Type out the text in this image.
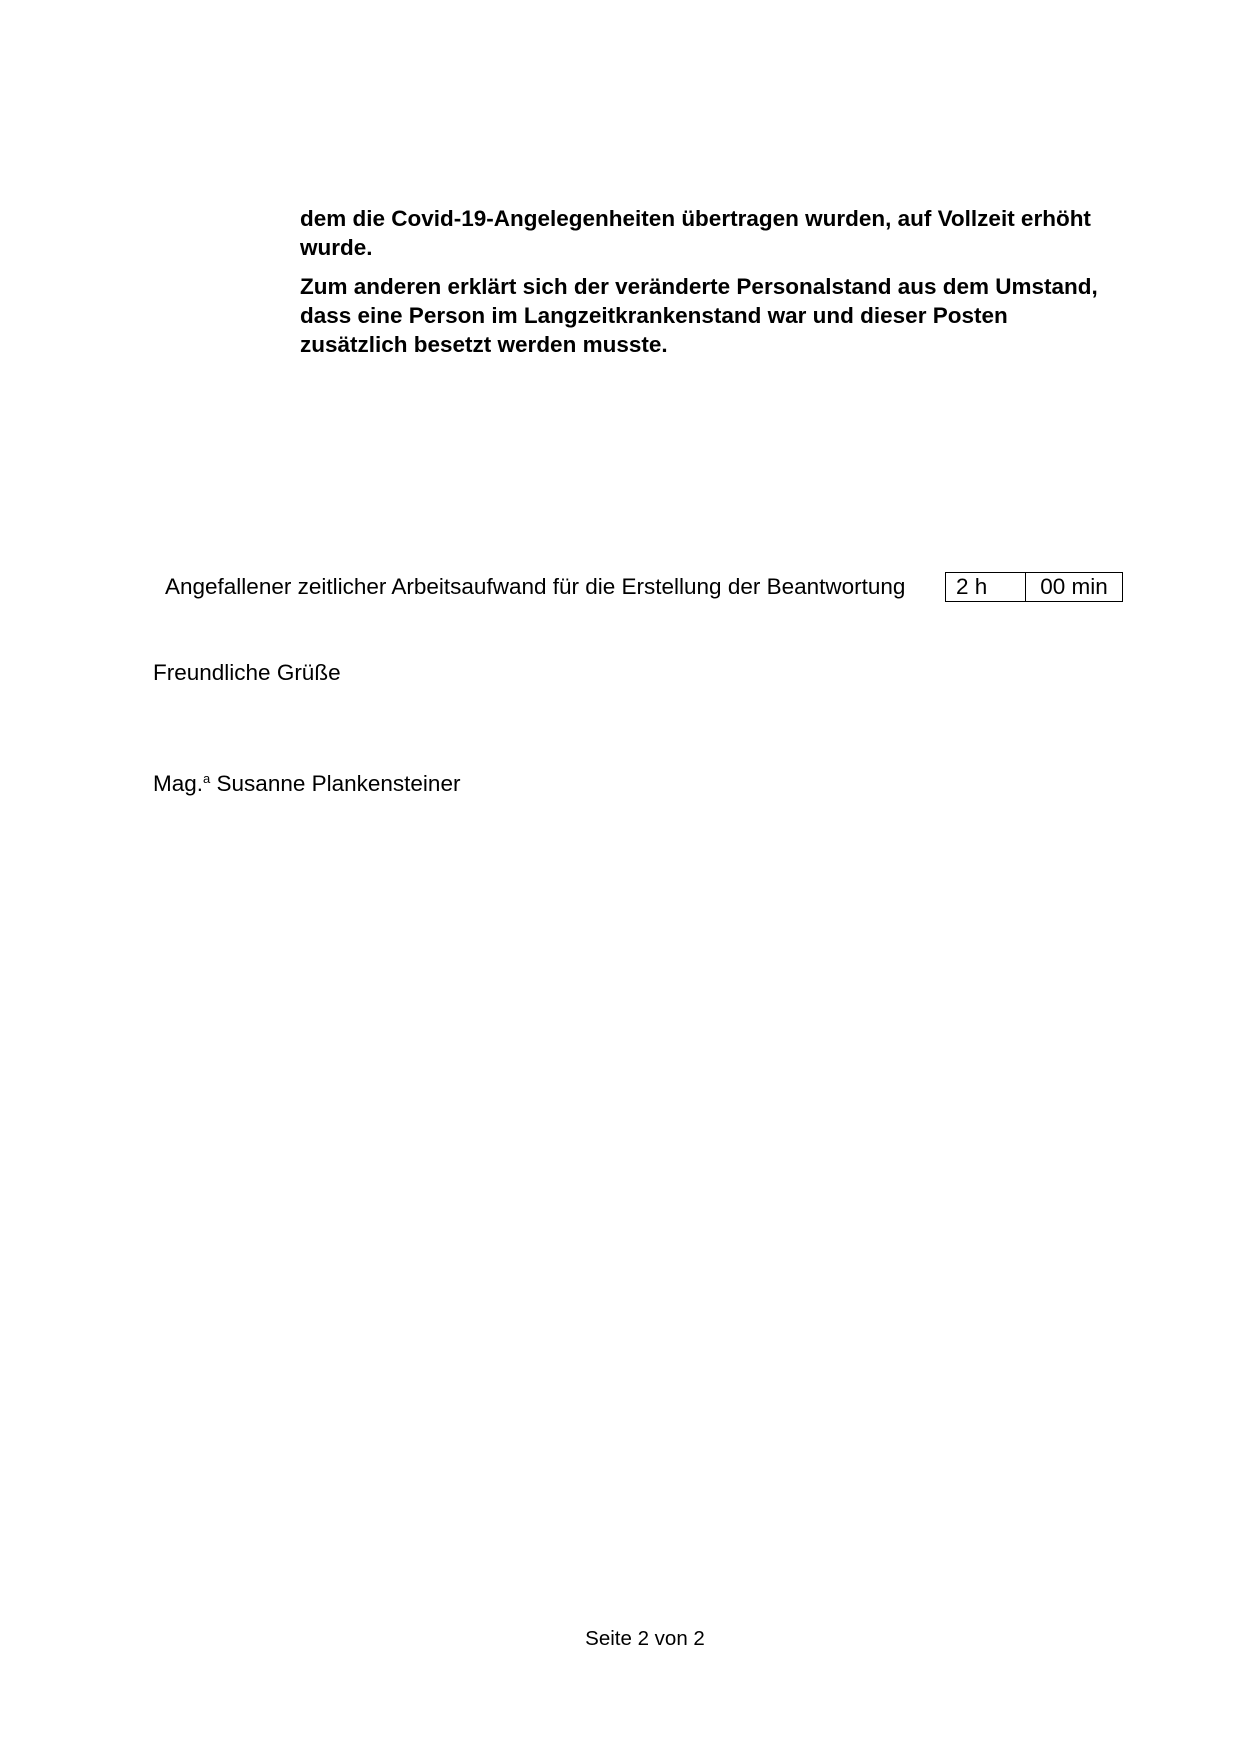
dem die Covid-19-Angelegenheiten übertragen wurden, auf Vollzeit erhöht wurde.

Zum anderen erklärt sich der veränderte Personalstand aus dem Umstand, dass eine Person im Langzeitkrankenstand war und dieser Posten zusätzlich besetzt werden musste.

Angefallener zeitlicher Arbeitsaufwand für die Erstellung der Beantwortung	2 h	00 min
Freundliche Grüße
Mag.$^a$ Susanne Plankensteiner
Seite 2 von 2
